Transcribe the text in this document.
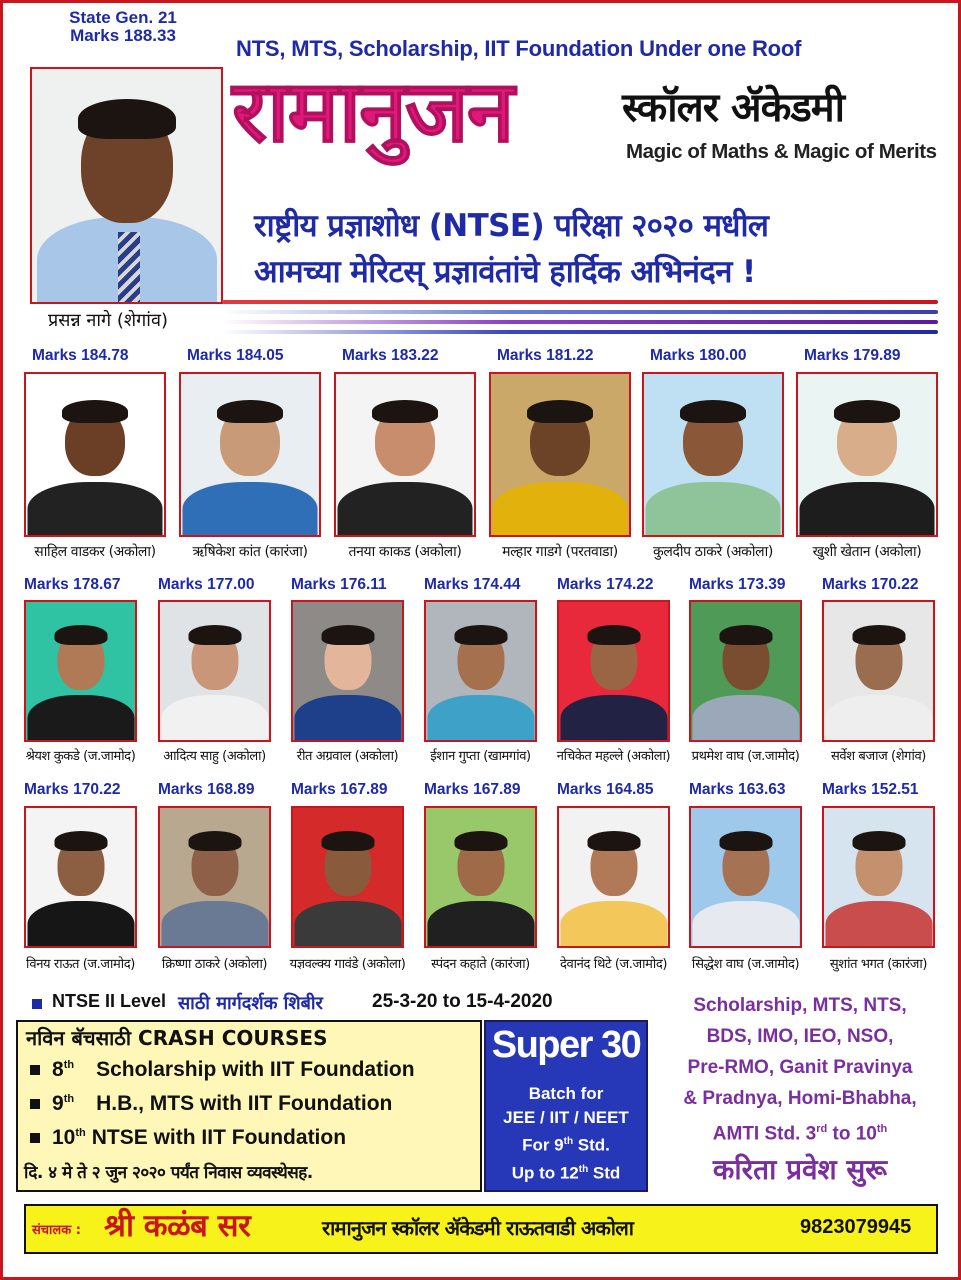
State Gen. 21
Marks 188.33
प्रसन्न नागे (शेगांव)
NTS, MTS, Scholarship, IIT Foundation Under one Roof
रामानुजन	स्कॉलर ॲकेडमी
Magic of Maths & Magic of Merits
राष्ट्रीय प्रज्ञाशोध (NTSE) परिक्षा २०२० मधील
आमच्या मेरिटस् प्रज्ञावंतांचे हार्दिक अभिनंदन !
Marks 184.78
साहिल वाडकर (अकोला)
Marks 184.05
ऋषिकेश कांत (कारंजा)
Marks 183.22
तनया काकड (अकोला)
Marks 181.22
मल्हार गाडगे (परतवाडा)
Marks 180.00
कुलदीप ठाकरे (अकोला)
Marks 179.89
खुशी खेतान (अकोला)
Marks 178.67
श्रेयश कुकडे (ज.जामोद)
Marks 177.00
आदित्य साहु (अकोला)
Marks 176.11
रीत अग्रवाल (अकोला)
Marks 174.44
ईशान गुप्ता (खामगांव)
Marks 174.22
नचिकेत महल्ले (अकोला)
Marks 173.39
प्रथमेश वाघ (ज.जामोद)
Marks 170.22
सर्वेश बजाज (शेगांव)
Marks 170.22
विनय राऊत (ज.जामोद)
Marks 168.89
क्रिष्णा ठाकरे (अकोला)
Marks 167.89
यज्ञवल्क्य गावंडे (अकोला)
Marks 167.89
स्पंदन कहाते (कारंजा)
Marks 164.85
देवानंद थिटे (ज.जामोद)
Marks 163.63
सिद्धेश वाघ (ज.जामोद)
Marks 152.51
सुशांत भगत (कारंजा)
NTSE II Level साठी मार्गदर्शक शिबीर	25-3-20 to 15-4-2020
नविन बॅचसाठी CRASH COURSES
8th Scholarship with IIT Foundation
9th H.B., MTS with IIT Foundation
10th NTSE with IIT Foundation
दि. ४ मे ते २ जुन २०२० पर्यंत निवास व्यवस्थेसह.
Super 30
Batch for
JEE / IIT / NEET
For 9th Std.
Up to 12th Std
Scholarship, MTS, NTS,
BDS, IMO, IEO, NSO,
Pre-RMO, Ganit Pravinya
& Pradnya, Homi-Bhabha,
AMTI Std. 3rd to 10th
करिता प्रवेश सुरू
संचालक : श्री कळंब सर	रामानुजन स्कॉलर ॲकेडमी राऊतवाडी अकोला	9823079945
